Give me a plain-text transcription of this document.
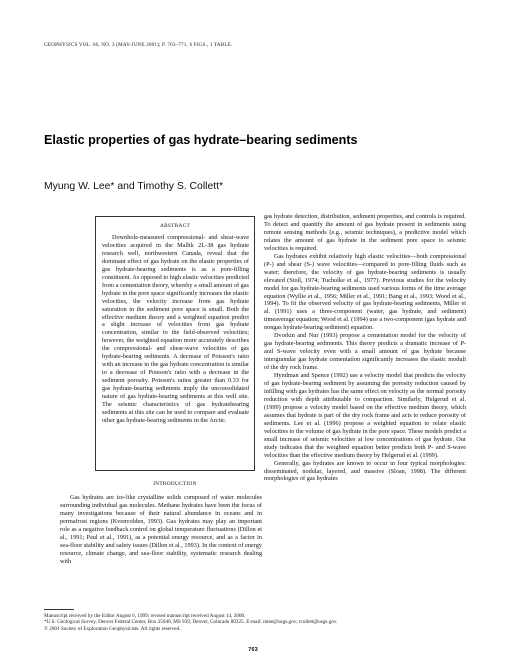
GEOPHYSICS VOL. 66, NO. 3 (MAY-JUNE 2001); P. 763–771, 6 FIGS., 1 TABLE.
Elastic properties of gas hydrate–bearing sediments
Myung W. Lee* and Timothy S. Collett*
ABSTRACT

Downhole-measured compressional- and shear-wave velocities acquired in the Mallik 2L-38 gas hydrate research well, northwestern Canada, reveal that the dominant effect of gas hydrate on the elastic properties of gas hydrate-bearing sediments is as a pore-filling constituent. As opposed to high elastic velocities predicted from a cementation theory, whereby a small amount of gas hydrate in the pore space significantly increases the elastic velocities, the velocity increase from gas hydrate saturation in the sediment pore space is small. Both the effective medium theory and a weighted equation predict a slight increase of velocities from gas hydrate concentration, similar to the field-observed velocities; however, the weighted equation more accurately describes the compressional- and shear-wave velocities of gas hydrate-bearing sediments. A decrease of Poisson's ratio with an increase in the gas hydrate concentration is similar to a decrease of Poisson's ratio with a decrease in the sediment porosity. Poisson's ratios greater than 0.33 for gas hydrate-bearing sediments imply the unconsolidated nature of gas hydrate-bearing sediments at this well site. The seismic characteristics of gas hydratebearing sediments at this site can be used to compare and evaluate other gas hydrate-bearing sediments in the Arctic.

INTRODUCTION

Gas hydrates are ice-like crystalline solids composed of water molecules surrounding individual gas molecules. Methane hydrates have been the focus of many investigations because of their natural abundance in oceans and in permafrost regions (Kvenvolden, 1993). Gas hydrates may play an important role as a negative feedback control on global temperature fluctuations (Dillon et al., 1991; Paul et al., 1991), as a potential energy resource, and as a factor in sea-floor stability and safety issues (Dillon et al., 1993). In the context of energy resource, climate change, and sea-floor stability, systematic research dealing with

gas hydrate detection, distribution, sediment properties, and controls is required. To detect and quantify the amount of gas hydrate present in sediments using remote sensing methods (e.g., seismic techniques), a predictive model which relates the amount of gas hydrate in the sediment pore space to seismic velocities is required.

Gas hydrates exhibit relatively high elastic velocities—both compressional (P-) and shear (S-) wave velocities—compared to pore-filling fluids such as water; therefore, the velocity of gas hydrate-bearing sediments is usually elevated (Stoll, 1974; Tucholke et al., 1977). Previous studies for the velocity model for gas hydrate-bearing sediments used various forms of the time average equation (Wyllie et al., 1956; Miller et al., 1991; Bang et al., 1993; Wood et al., 1994). To fit the observed velocity of gas hydrate-bearing sediments, Miller et al. (1991) uses a three-component (water, gas hydrate, and sediment) timeaverage equation; Wood et al. (1994) use a two-component (gas hydrate and nongas hydrate-bearing sediment) equation.

Dvorkin and Nur (1993) propose a cementation model for the velocity of gas hydrate-bearing sediments. This theory predicts a dramatic increase of P- and S-wave velocity even with a small amount of gas hydrate because intergranular gas hydrate cementation significantly increases the elastic moduli of the dry rock frame.

Hyndman and Spence (1992) use a velocity model that predicts the velocity of gas hydrate-bearing sediment by assuming the porosity reduction caused by infilling with gas hydrates has the same effect on velocity as the normal porosity reduction with depth attributable to compaction. Similarly, Helgerud et al. (1999) propose a velocity model based on the effective medium theory, which assumes that hydrate is part of the dry rock frame and acts to reduce porosity of sediments. Lee et al. (1996) propose a weighted equation to relate elastic velocities to the volume of gas hydrate in the pore space. These models predict a small increase of seismic velocities at low concentrations of gas hydrate. Our study indicates that the weighted equation better predicts both P- and S-wave velocities than the effective medium theory by Helgerud et al. (1999).

Generally, gas hydrates are known to occur in four typical morphologies: disseminated, nodular, layered, and massive (Sloan, 1998). The different morphologies of gas hydrates

Manuscript received by the Editor August 6, 1999; revised manuscript received August 14, 2000.
*U.S. Geological Survey, Denver Federal Center, Box 25046, MS 939, Denver, Colorado 80225. E-mail: mlee@usgs.gov; tcollett@usgs.gov.
© 2001 Society of Exploration Geophysicists. All rights reserved.
763
